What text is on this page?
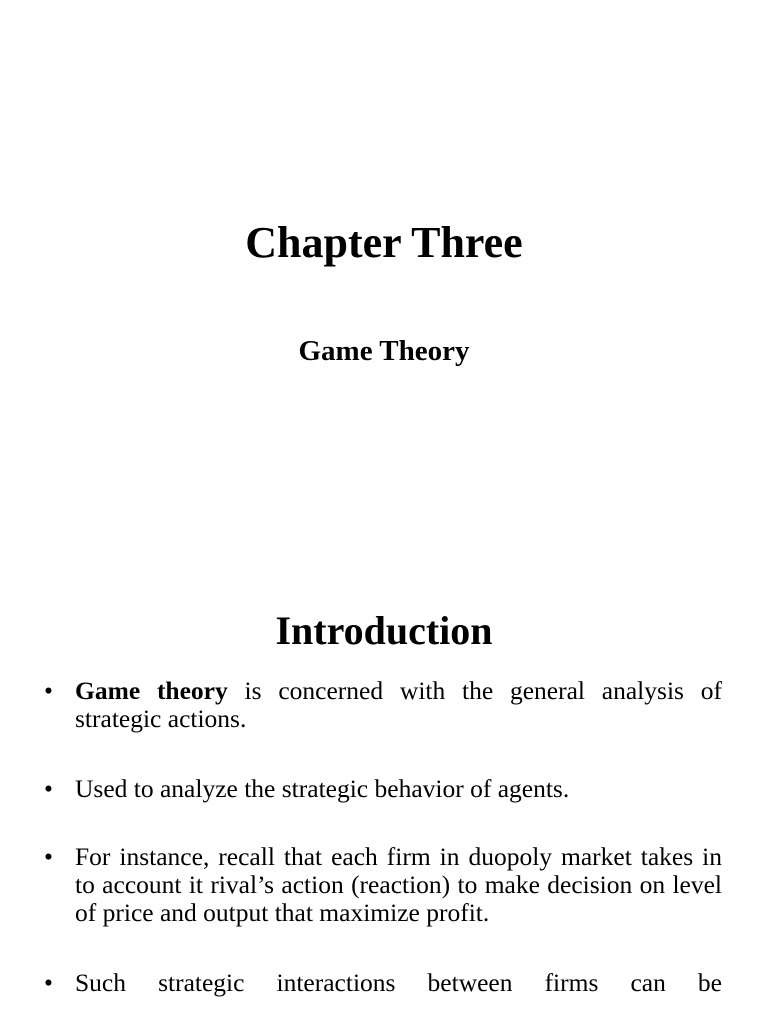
Chapter Three
Game Theory
Introduction
• Game theory is concerned with the general analysis of strategic actions.
• Used to analyze the strategic behavior of agents.
• For instance, recall that each firm in duopoly market takes in to account it rival’s action (reaction) to make decision on level of price and output that maximize profit.
• Such strategic interactions between firms can be
